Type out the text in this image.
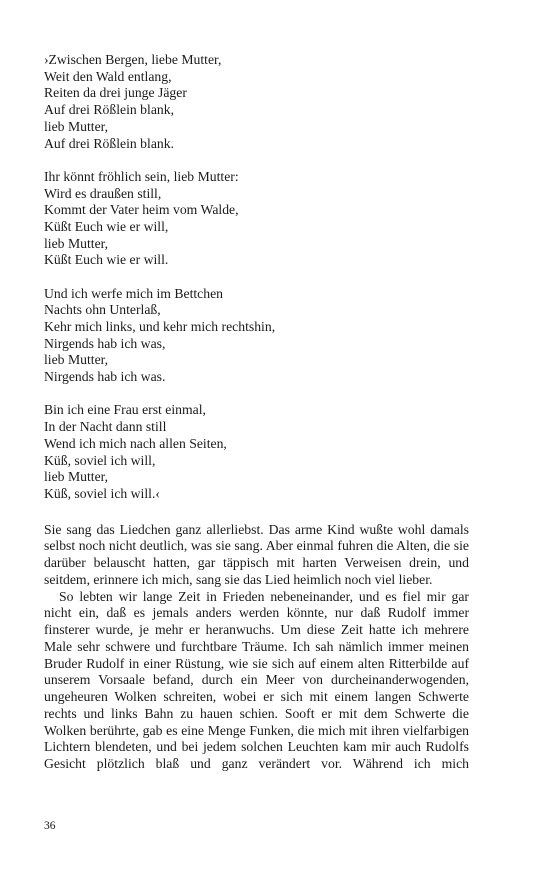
›Zwischen Bergen, liebe Mutter,
Weit den Wald entlang,
Reiten da drei junge Jäger
Auf drei Rößlein blank,
lieb Mutter,
Auf drei Rößlein blank.
Ihr könnt fröhlich sein, lieb Mutter:
Wird es draußen still,
Kommt der Vater heim vom Walde,
Küßt Euch wie er will,
lieb Mutter,
Küßt Euch wie er will.
Und ich werfe mich im Bettchen
Nachts ohn Unterlaß,
Kehr mich links, und kehr mich rechtshin,
Nirgends hab ich was,
lieb Mutter,
Nirgends hab ich was.
Bin ich eine Frau erst einmal,
In der Nacht dann still
Wend ich mich nach allen Seiten,
Küß, soviel ich will,
lieb Mutter,
Küß, soviel ich will.‹

Sie sang das Liedchen ganz allerliebst. Das arme Kind wußte wohl damals selbst noch nicht deutlich, was sie sang. Aber einmal fuhren die Alten, die sie darüber belauscht hatten, gar täppisch mit harten Verweisen drein, und seitdem, erinnere ich mich, sang sie das Lied heimlich noch viel lieber.

So lebten wir lange Zeit in Frieden nebeneinander, und es fiel mir gar nicht ein, daß es jemals anders werden könnte, nur daß Rudolf immer finsterer wurde, je mehr er heranwuchs. Um diese Zeit hatte ich mehrere Male sehr schwere und furchtbare Träume. Ich sah nämlich immer meinen Bruder Rudolf in einer Rüstung, wie sie sich auf einem alten Ritterbilde auf unserem Vorsaale befand, durch ein Meer von durcheinanderwogenden, ungeheuren Wolken schreiten, wobei er sich mit einem langen Schwerte rechts und links Bahn zu hauen schien. Sooft er mit dem Schwerte die Wolken berührte, gab es eine Menge Funken, die mich mit ihren vielfarbigen Lichtern blendeten, und bei jedem solchen Leuchten kam mir auch Rudolfs Gesicht plötzlich blaß und ganz verändert vor. Während ich mich

36
